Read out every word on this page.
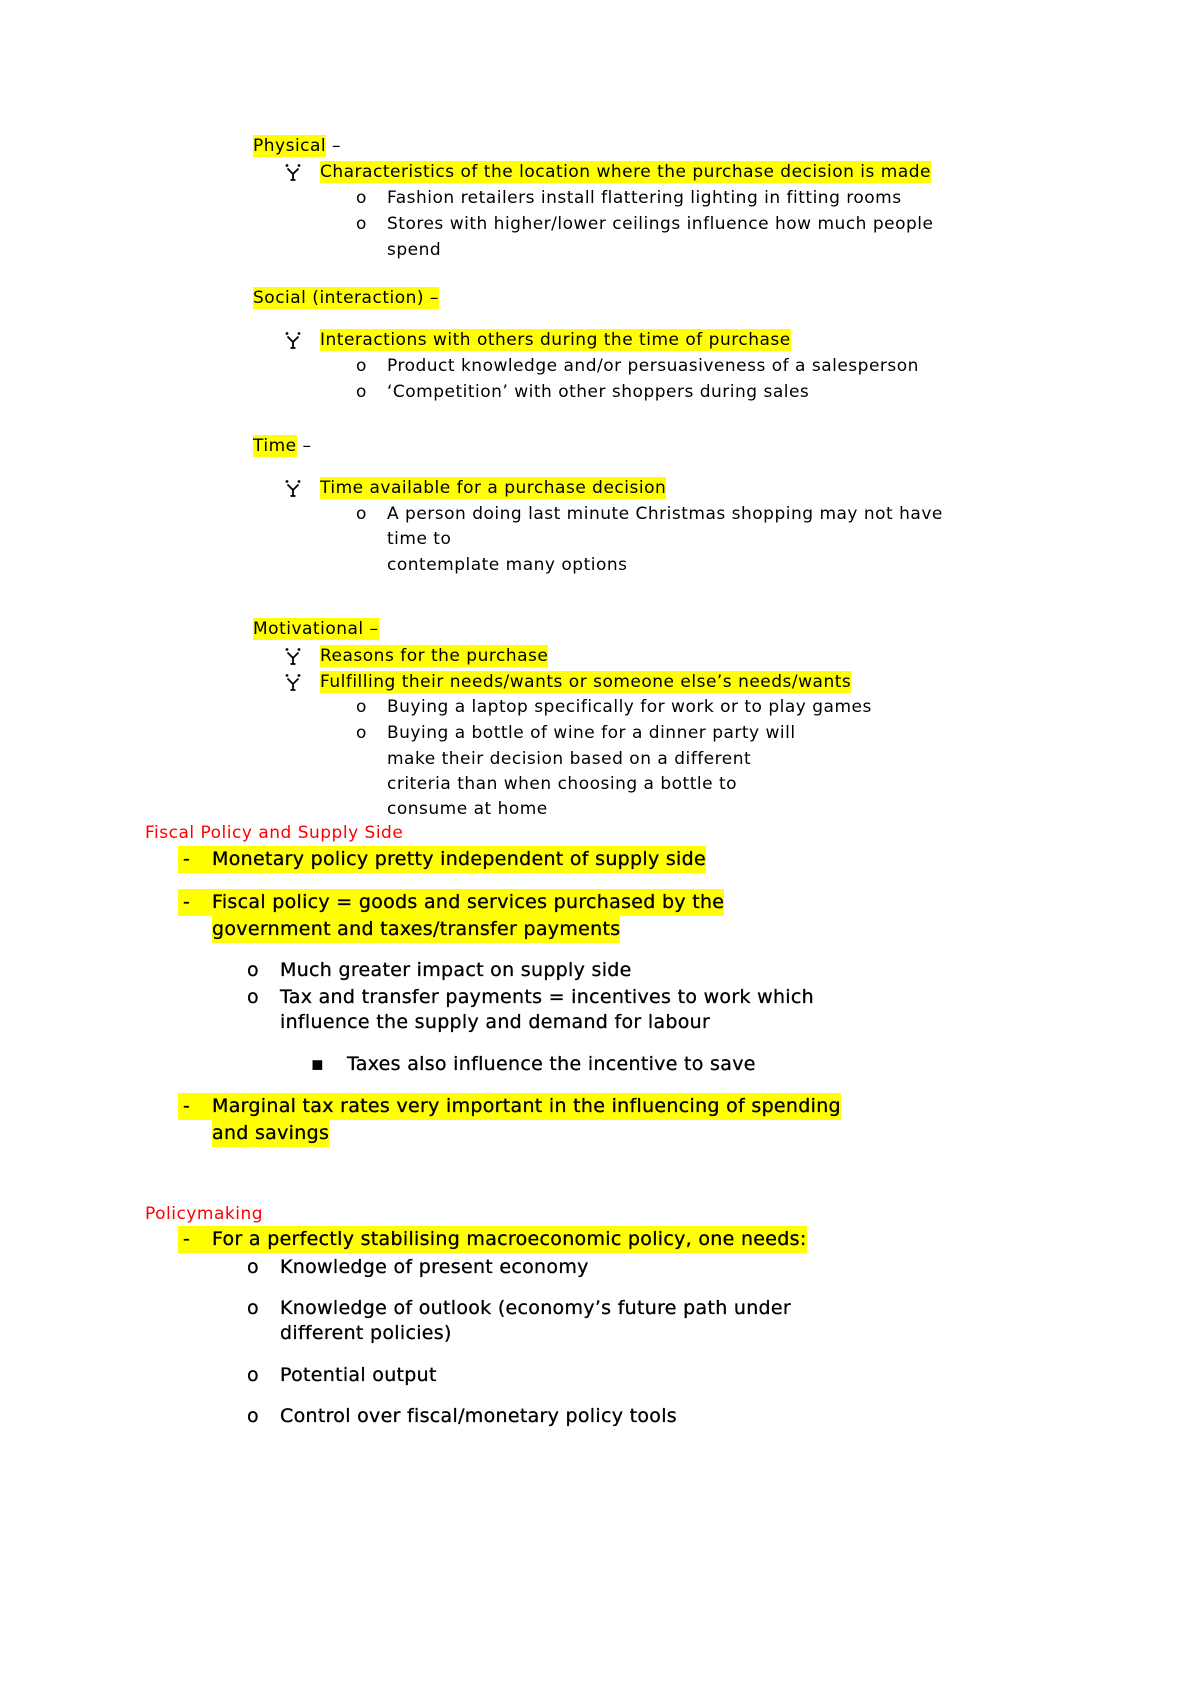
Physical –
Characteristics of the location where the purchase decision is made
o Fashion retailers install flattering lighting in fitting rooms
o Stores with higher/lower ceilings influence how much people
spend
Social (interaction) –
Interactions with others during the time of purchase
o Product knowledge and/or persuasiveness of a salesperson
o ‘Competition’ with other shoppers during sales
Time –
Time available for a purchase decision
o A person doing last minute Christmas shopping may not have
time to
contemplate many options
Motivational –
Reasons for the purchase
Fulfilling their needs/wants or someone else’s needs/wants
o Buying a laptop specifically for work or to play games
o Buying a bottle of wine for a dinner party will
make their decision based on a different
criteria than when choosing a bottle to
consume at home
Fiscal Policy and Supply Side
- Monetary policy pretty independent of supply side
- Fiscal policy = goods and services purchased by the
government and taxes/transfer payments
o Much greater impact on supply side
o Tax and transfer payments = incentives to work which
influence the supply and demand for labour
▪ Taxes also influence the incentive to save
- Marginal tax rates very important in the influencing of spending
and savings
Policymaking
- For a perfectly stabilising macroeconomic policy, one needs:
o Knowledge of present economy
o Knowledge of outlook (economy’s future path under
different policies)
o Potential output
o Control over fiscal/monetary policy tools
